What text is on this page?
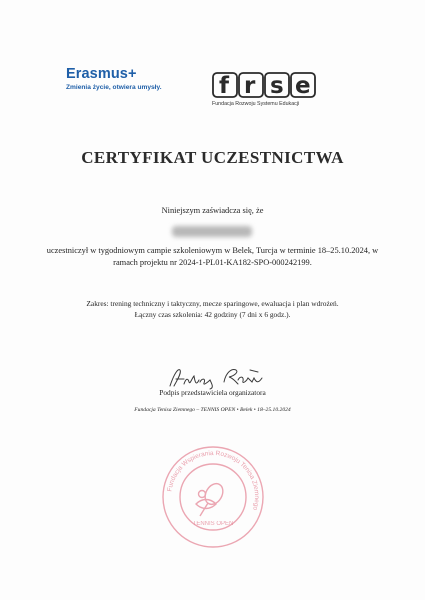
Erasmus+
Zmienia życie, otwiera umysły. f r s e
Fundacja Rozwoju Systemu Edukacji
CERTYFIKAT UCZESTNICTWA
Niniejszym zaświadcza się, że
uczestniczył w tygodniowym campie szkoleniowym w Belek, Turcja w terminie 18–25.10.2024, w ramach projektu nr 2024-1-PL01-KA182-SPO-000242199.
Zakres: trening techniczny i taktyczny, mecze sparingowe, ewaluacja i plan wdrożeń.
Łączny czas szkolenia: 42 godziny (7 dni x 6 godz.).
Podpis przedstawiciela organizatora
Fundacja Tenisa Ziemnego – TENNIS OPEN • Belek • 18–25.10.2024
Fundacja Wspierania Rozwoju Tenisa Ziemnego
TENNIS OPEN
